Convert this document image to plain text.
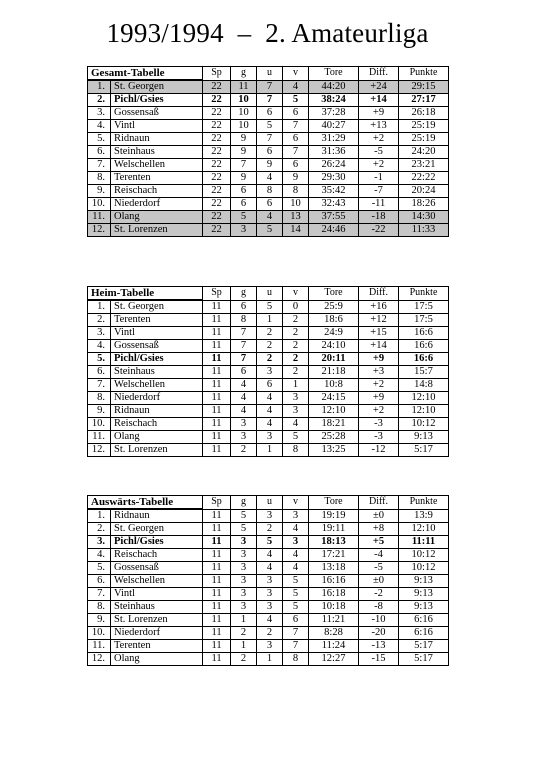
1993/1994  –  2. Amateurliga
Gesamt-Tabelle		Sp	g	u	v	Tore	Diff.	Punkte
1.	St. Georgen	22	11	7	4	44:20	+24	29:15
2.	Pichl/Gsies	22	10	7	5	38:24	+14	27:17
3.	Gossensaß	22	10	6	6	37:28	+9	26:18
4.	Vintl	22	10	5	7	40:27	+13	25:19
5.	Ridnaun	22	9	7	6	31:29	+2	25:19
6.	Steinhaus	22	9	6	7	31:36	-5	24:20
7.	Welschellen	22	7	9	6	26:24	+2	23:21
8.	Terenten	22	9	4	9	29:30	-1	22:22
9.	Reischach	22	6	8	8	35:42	-7	20:24
10.	Niederdorf	22	6	6	10	32:43	-11	18:26
11.	Olang	22	5	4	13	37:55	-18	14:30
12.	St. Lorenzen	22	3	5	14	24:46	-22	11:33
Heim-Tabelle		Sp	g	u	v	Tore	Diff.	Punkte
1.	St. Georgen	11	6	5	0	25:9	+16	17:5
2.	Terenten	11	8	1	2	18:6	+12	17:5
3.	Vintl	11	7	2	2	24:9	+15	16:6
4.	Gossensaß	11	7	2	2	24:10	+14	16:6
5.	Pichl/Gsies	11	7	2	2	20:11	+9	16:6
6.	Steinhaus	11	6	3	2	21:18	+3	15:7
7.	Welschellen	11	4	6	1	10:8	+2	14:8
8.	Niederdorf	11	4	4	3	24:15	+9	12:10
9.	Ridnaun	11	4	4	3	12:10	+2	12:10
10.	Reischach	11	3	4	4	18:21	-3	10:12
11.	Olang	11	3	3	5	25:28	-3	9:13
12.	St. Lorenzen	11	2	1	8	13:25	-12	5:17
Auswärts-Tabelle		Sp	g	u	v	Tore	Diff.	Punkte
1.	Ridnaun	11	5	3	3	19:19	±0	13:9
2.	St. Georgen	11	5	2	4	19:11	+8	12:10
3.	Pichl/Gsies	11	3	5	3	18:13	+5	11:11
4.	Reischach	11	3	4	4	17:21	-4	10:12
5.	Gossensaß	11	3	4	4	13:18	-5	10:12
6.	Welschellen	11	3	3	5	16:16	±0	9:13
7.	Vintl	11	3	3	5	16:18	-2	9:13
8.	Steinhaus	11	3	3	5	10:18	-8	9:13
9.	St. Lorenzen	11	1	4	6	11:21	-10	6:16
10.	Niederdorf	11	2	2	7	8:28	-20	6:16
11.	Terenten	11	1	3	7	11:24	-13	5:17
12.	Olang	11	2	1	8	12:27	-15	5:17
